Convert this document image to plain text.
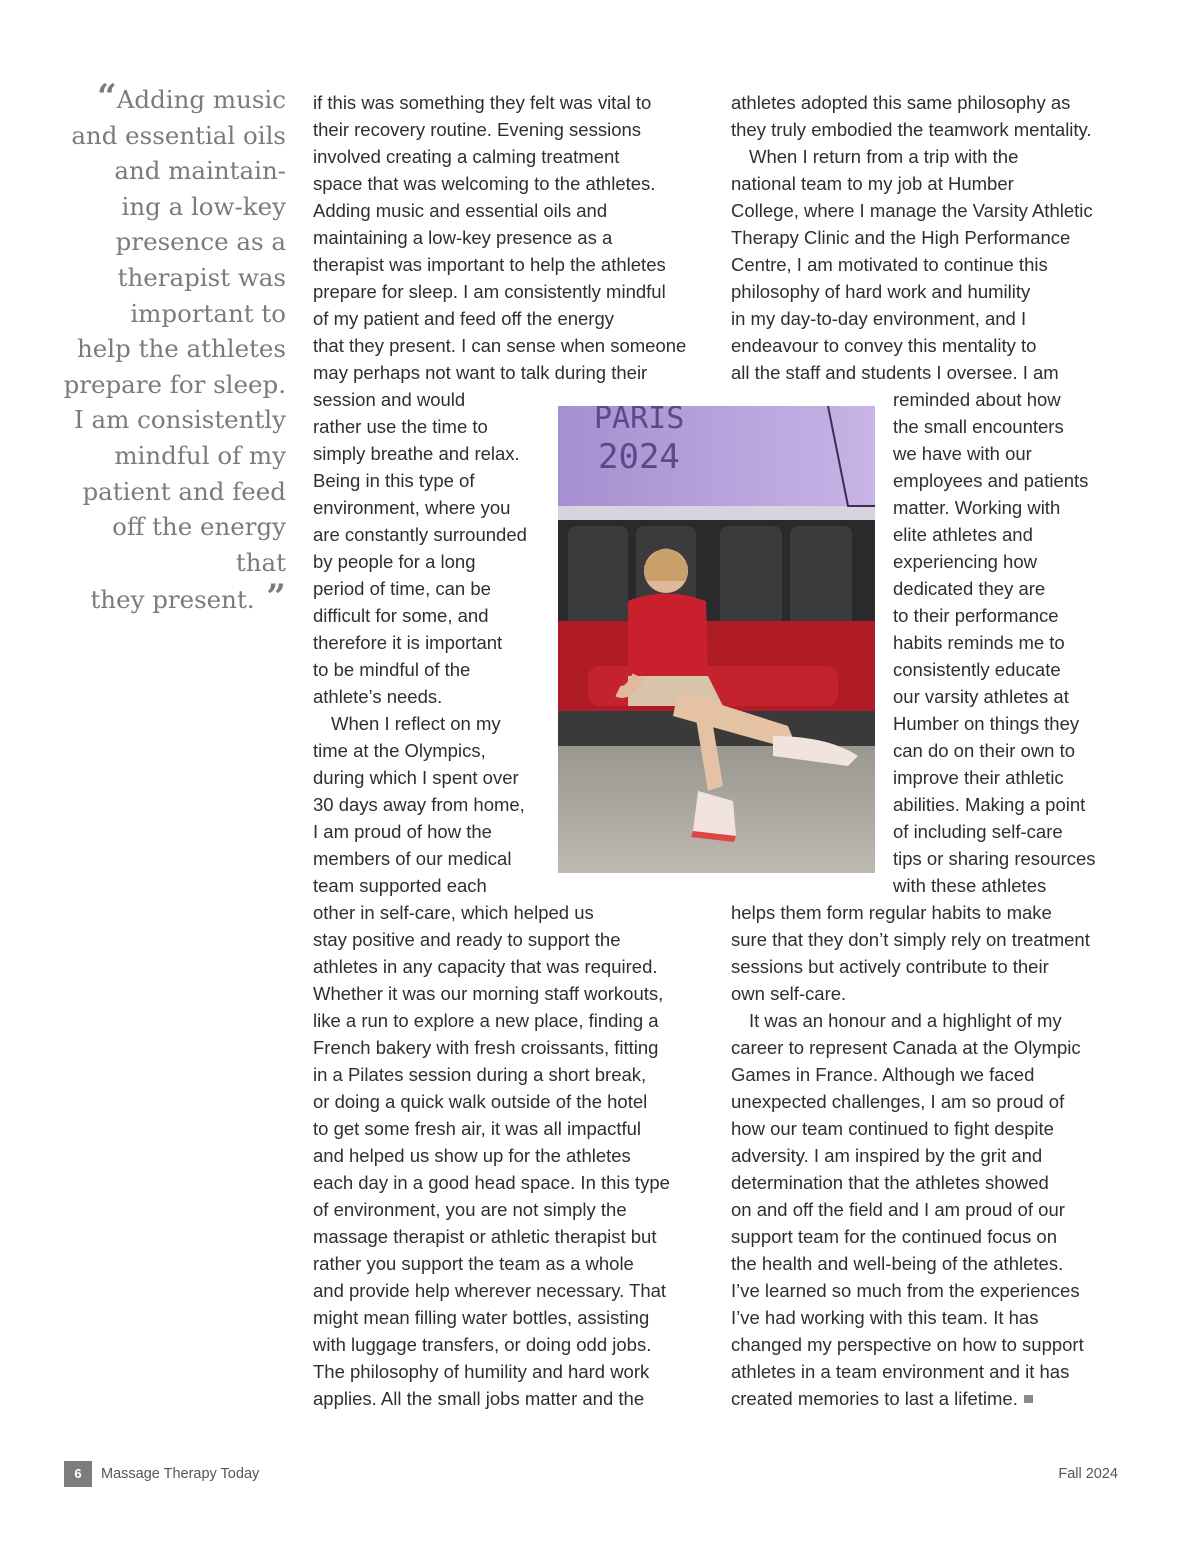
“Adding music
and essential oils
and maintain-
ing a low-key
presence as a
therapist was
important to
help the athletes
prepare for sleep.
I am consistently
mindful of my
patient and feed
off the energy that
they present. ”
if this was something they felt was vital to
their recovery routine. Evening sessions
involved creating a calming treatment
space that was welcoming to the athletes.
Adding music and essential oils and
maintaining a low-key presence as a
therapist was important to help the athletes
prepare for sleep. I am consistently mindful
of my patient and feed off the energy
that they present. I can sense when someone
may perhaps not want to talk during their
session and would
rather use the time to
simply breathe and relax.
Being in this type of
environment, where you
are constantly surrounded
by people for a long
period of time, can be
difficult for some, and
therefore it is important
to be mindful of the
athlete’s needs.
When I reflect on my
time at the Olympics,
during which I spent over
30 days away from home,
I am proud of how the
members of our medical
team supported each
other in self-care, which helped us
stay positive and ready to support the
athletes in any capacity that was required.
Whether it was our morning staff workouts,
like a run to explore a new place, finding a
French bakery with fresh croissants, fitting
in a Pilates session during a short break,
or doing a quick walk outside of the hotel
to get some fresh air, it was all impactful
and helped us show up for the athletes
each day in a good head space. In this type
of environment, you are not simply the
massage therapist or athletic therapist but
rather you support the team as a whole
and provide help wherever necessary. That
might mean filling water bottles, assisting
with luggage transfers, or doing odd jobs.
The philosophy of humility and hard work
applies. All the small jobs matter and the
athletes adopted this same philosophy as
they truly embodied the teamwork mentality.
When I return from a trip with the
national team to my job at Humber
College, where I manage the Varsity Athletic
Therapy Clinic and the High Performance
Centre, I am motivated to continue this
philosophy of hard work and humility
in my day-to-day environment, and I
endeavour to convey this mentality to
all the staff and students I oversee. I am
reminded about how
the small encounters
we have with our
employees and patients
matter. Working with
elite athletes and
experiencing how
dedicated they are
to their performance
habits reminds me to
consistently educate
our varsity athletes at
Humber on things they
can do on their own to
improve their athletic
abilities. Making a point
of including self-care
tips or sharing resources
with these athletes
helps them form regular habits to make
sure that they don’t simply rely on treatment
sessions but actively contribute to their
own self-care.
It was an honour and a highlight of my
career to represent Canada at the Olympic
Games in France. Although we faced
unexpected challenges, I am so proud of
how our team continued to fight despite
adversity. I am inspired by the grit and
determination that the athletes showed
on and off the field and I am proud of our
support team for the continued focus on
the health and well-being of the athletes.
I’ve learned so much from the experiences
I’ve had working with this team. It has
changed my perspective on how to support
athletes in a team environment and it has
created memories to last a lifetime.
PARIS
2024
6	Massage Therapy Today	Fall 2024
